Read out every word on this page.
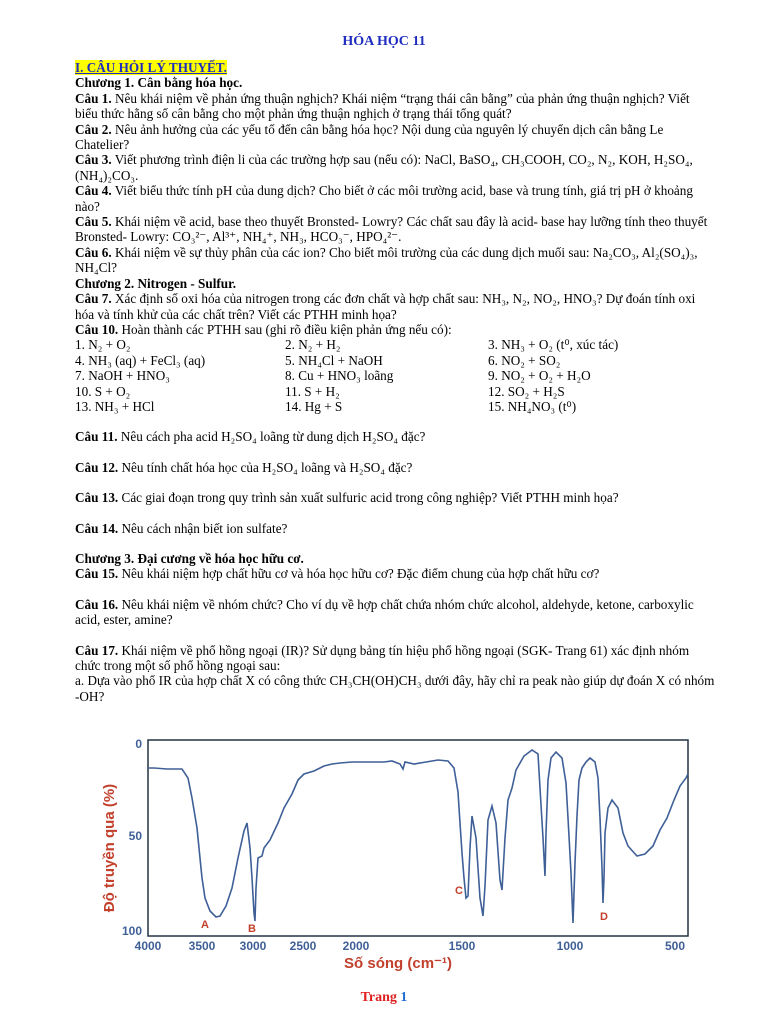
HÓA HỌC 11
I. CÂU HỎI LÝ THUYẾT.
Chương 1. Cân bằng hóa học.
Câu 1. Nêu khái niệm về phản ứng thuận nghịch? Khái niệm “trạng thái cân bằng” của phản ứng thuận nghịch? Viết biểu thức hằng số cân bằng cho một phản ứng thuận nghịch ở trạng thái tổng quát?
Câu 2. Nêu ảnh hưởng của các yếu tố đến cân bằng hóa học? Nội dung của nguyên lý chuyển dịch cân bằng Le Chatelier?
Câu 3. Viết phương trình điện li của các trường hợp sau (nếu có): NaCl, BaSO₄, CH₃COOH, CO₂, N₂, KOH, H₂SO₄, (NH₄)₂CO₃.
Câu 4. Viết biểu thức tính pH của dung dịch? Cho biết ở các môi trường acid, base và trung tính, giá trị pH ở khoảng nào?
Câu 5. Khái niệm về acid, base theo thuyết Bronsted- Lowry? Các chất sau đây là acid- base hay lưỡng tính theo thuyết Bronsted- Lowry: CO₃²⁻, Al³⁺, NH₄⁺, NH₃, HCO₃⁻, HPO₄²⁻.
Câu 6. Khái niệm về sự thủy phân của các ion? Cho biết môi trường của các dung dịch muối sau: Na₂CO₃, Al₂(SO₄)₃, NH₄Cl?
Chương 2. Nitrogen - Sulfur.
Câu 7. Xác định số oxi hóa của nitrogen trong các đơn chất và hợp chất sau: NH₃, N₂, NO₂, HNO₃? Dự đoán tính oxi hóa và tính khử của các chất trên? Viết các PTHH minh họa?
Câu 10. Hoàn thành các PTHH sau (ghi rõ điều kiện phản ứng nếu có):
1. N₂ + O₂	2. N₂ + H₂	3. NH₃ + O₂ (t⁰, xúc tác)
4. NH₃ (aq) + FeCl₃ (aq)	5. NH₄Cl + NaOH	6. NO₂ + SO₂
7. NaOH + HNO₃	8. Cu + HNO₃ loãng	9. NO₂ + O₂ + H₂O
10. S + O₂	11. S + H₂	12. SO₂ + H₂S
13. NH₃ + HCl	14. Hg + S	15. NH₄NO₃ (t⁰)
Câu 11. Nêu cách pha acid H₂SO₄ loãng từ dung dịch H₂SO₄ đặc?
Câu 12. Nêu tính chất hóa học của H₂SO₄ loãng và H₂SO₄ đặc?
Câu 13. Các giai đoạn trong quy trình sản xuất sulfuric acid trong công nghiệp? Viết PTHH minh họa?
Câu 14. Nêu cách nhận biết ion sulfate?
Chương 3. Đại cương về hóa học hữu cơ.
Câu 15. Nêu khái niệm hợp chất hữu cơ và hóa học hữu cơ? Đặc điểm chung của hợp chất hữu cơ?
Câu 16. Nêu khái niệm về nhóm chức? Cho ví dụ về hợp chất chứa nhóm chức alcohol, aldehyde, ketone, carboxylic acid, ester, amine?
Câu 17. Khái niệm về phổ hồng ngoại (IR)? Sử dụng bảng tín hiệu phổ hồng ngoại (SGK- Trang 61) xác định nhóm chức trong một số phổ hồng ngoại sau:
a. Dựa vào phổ IR của hợp chất X có công thức CH₃CH(OH)CH₃ dưới đây, hãy chỉ ra peak nào giúp dự đoán X có nhóm -OH?
Độ truyền qua (%)
0
50
100	A	B
C
D
4000 3500 3000 2500 2000	1500	1000	500
Số sóng (cm⁻¹)
Trang 1
